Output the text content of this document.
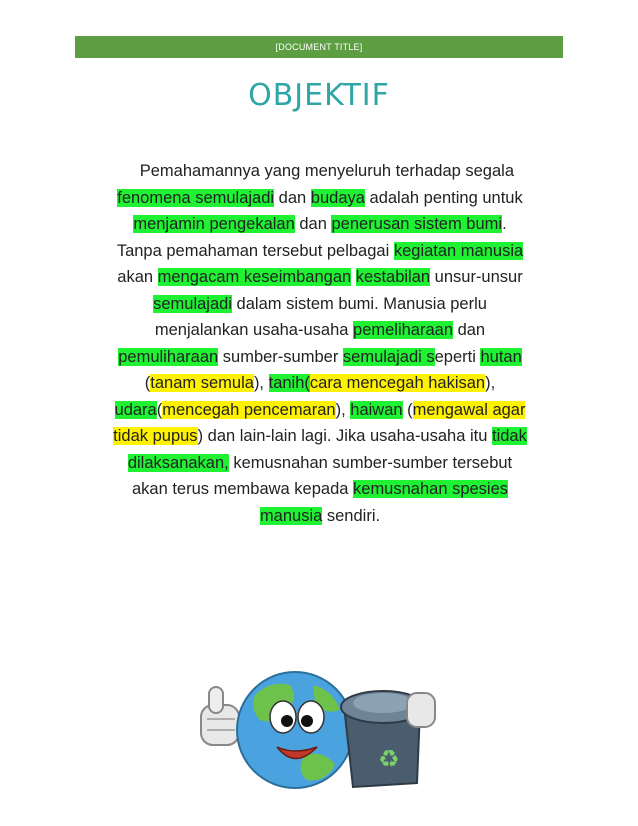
[DOCUMENT TITLE]
OBJEKTIF
Pemahamannya yang menyeluruh terhadap segala
fenomena semulajadi dan budaya adalah penting untuk
menjamin pengekalan dan penerusan sistem bumi.
Tanpa pemahaman tersebut pelbagai kegiatan manusia
akan mengacam keseimbangan kestabilan unsur-unsur
semulajadi dalam sistem bumi. Manusia perlu
menjalankan usaha-usaha pemeliharaan dan
pemuliharaan sumber-sumber semulajadi seperti hutan
(tanam semula), tanih(cara mencegah hakisan),
udara(mencegah pencemaran), haiwan (mengawal agar
tidak pupus) dan lain-lain lagi. Jika usaha-usaha itu tidak
dilaksanakan, kemusnahan sumber-sumber tersebut
akan terus membawa kepada kemusnahan spesies
manusia sendiri.
♻
